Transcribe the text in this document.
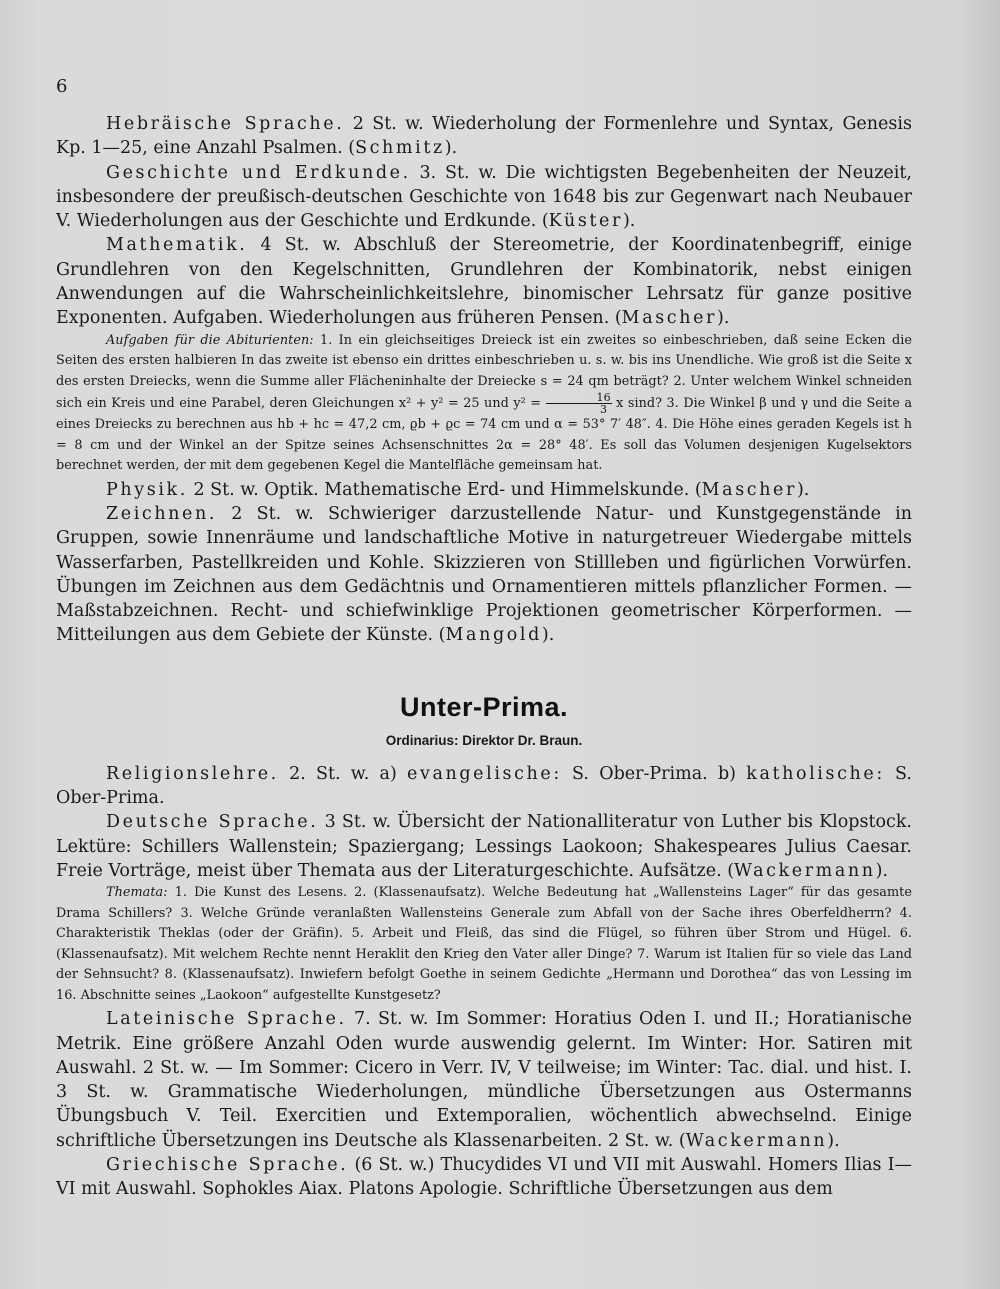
6

Hebräische Sprache. 2 St. w. Wiederholung der Formenlehre und Syntax, Genesis Kp. 1—25, eine Anzahl Psalmen. (Schmitz).

Geschichte und Erdkunde. 3. St. w. Die wichtigsten Begebenheiten der Neuzeit, insbesondere der preußisch-deutschen Geschichte von 1648 bis zur Gegenwart nach Neubauer V. Wiederholungen aus der Geschichte und Erdkunde. (Küster).

Mathematik. 4 St. w. Abschluß der Stereometrie, der Koordinatenbegriff, einige Grundlehren von den Kegelschnitten, Grundlehren der Kombinatorik, nebst einigen Anwendungen auf die Wahrscheinlichkeitslehre, binomischer Lehrsatz für ganze positive Exponenten. Aufgaben. Wiederholungen aus früheren Pensen. (Mascher).

Aufgaben für die Abiturienten: 1. In ein gleichseitiges Dreieck ist ein zweites so einbeschrieben, daß seine Ecken die Seiten des ersten halbieren In das zweite ist ebenso ein drittes einbeschrieben u. s. w. bis ins Unendliche. Wie groß ist die Seite x des ersten Dreiecks, wenn die Summe aller Flächeninhalte der Dreiecke s = 24 qm beträgt? 2. Unter welchem Winkel schneiden sich ein Kreis und eine Parabel, deren Gleichungen x² + y² = 25 und $y^2 = \frac{16}{3}$ x sind? 3. Die Winkel β und γ und die Seite a eines Dreiecks zu berechnen aus hb + hc = 47,2 cm, ϱb + ϱc = 74 cm und α = 53° 7′ 48″. 4. Die Höhe eines geraden Kegels ist h = 8 cm und der Winkel an der Spitze seines Achsenschnittes 2α = 28° 48′. Es soll das Volumen desjenigen Kugelsektors berechnet werden, der mit dem gegebenen Kegel die Mantelfläche gemeinsam hat.

Physik. 2 St. w. Optik. Mathematische Erd- und Himmelskunde. (Mascher).

Zeichnen. 2 St. w. Schwieriger darzustellende Natur- und Kunstgegenstände in Gruppen, sowie Innenräume und landschaftliche Motive in naturgetreuer Wiedergabe mittels Wasserfarben, Pastellkreiden und Kohle. Skizzieren von Stillleben und figürlichen Vorwürfen. Übungen im Zeichnen aus dem Gedächtnis und Ornamentieren mittels pflanzlicher Formen. — Maßstabzeichnen. Recht- und schiefwinklige Projektionen geometrischer Körperformen. — Mitteilungen aus dem Gebiete der Künste. (Mangold).

Unter-Prima.
Ordinarius: Direktor Dr. Braun.

Religionslehre. 2. St. w. a) evangelische: S. Ober-Prima. b) katholische: S. Ober-Prima.

Deutsche Sprache. 3 St. w. Übersicht der Nationalliteratur von Luther bis Klopstock. Lektüre: Schillers Wallenstein; Spaziergang; Lessings Laokoon; Shakespeares Julius Caesar. Freie Vorträge, meist über Themata aus der Literaturgeschichte. Aufsätze. (Wackermann).

Themata: 1. Die Kunst des Lesens. 2. (Klassenaufsatz). Welche Bedeutung hat „Wallensteins Lager“ für das gesamte Drama Schillers? 3. Welche Gründe veranlaßten Wallensteins Generale zum Abfall von der Sache ihres Oberfeldherrn? 4. Charakteristik Theklas (oder der Gräfin). 5. Arbeit und Fleiß, das sind die Flügel, so führen über Strom und Hügel. 6. (Klassenaufsatz). Mit welchem Rechte nennt Heraklit den Krieg den Vater aller Dinge? 7. Warum ist Italien für so viele das Land der Sehnsucht? 8. (Klassenaufsatz). Inwiefern befolgt Goethe in seinem Gedichte „Hermann und Dorothea“ das von Lessing im 16. Abschnitte seines „Laokoon“ aufgestellte Kunstgesetz?

Lateinische Sprache. 7. St. w. Im Sommer: Horatius Oden I. und II.; Horatianische Metrik. Eine größere Anzahl Oden wurde auswendig gelernt. Im Winter: Hor. Satiren mit Auswahl. 2 St. w. — Im Sommer: Cicero in Verr. IV, V teilweise; im Winter: Tac. dial. und hist. I. 3 St. w. Grammatische Wiederholungen, mündliche Übersetzungen aus Ostermanns Übungsbuch V. Teil. Exercitien und Extemporalien, wöchentlich abwechselnd. Einige schriftliche Übersetzungen ins Deutsche als Klassenarbeiten. 2 St. w. (Wackermann).

Griechische Sprache. (6 St. w.) Thucydides VI und VII mit Auswahl. Homers Ilias I—VI mit Auswahl. Sophokles Aiax. Platons Apologie. Schriftliche Übersetzungen aus dem
